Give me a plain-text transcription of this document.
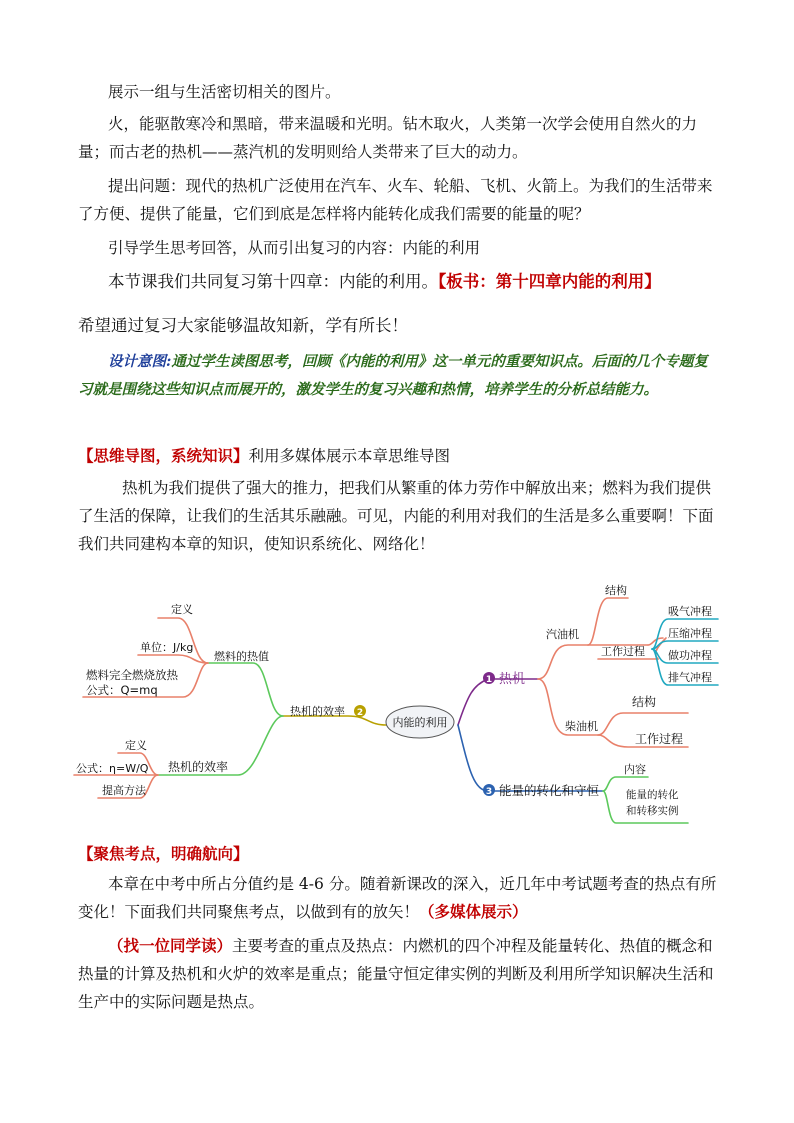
展示一组与生活密切相关的图片。

火，能驱散寒冷和黑暗，带来温暖和光明。钻木取火，人类第一次学会使用自然火的力量；而古老的热机——蒸汽机的发明则给人类带来了巨大的动力。

提出问题：现代的热机广泛使用在汽车、火车、轮船、飞机、火箭上。为我们的生活带来了方便、提供了能量，它们到底是怎样将内能转化成我们需要的能量的呢？

引导学生思考回答，从而引出复习的内容：内能的利用

本节课我们共同复习第十四章：内能的利用。【板书：第十四章内能的利用】

希望通过复习大家能够温故知新，学有所长！

设计意图:通过学生读图思考，回顾《内能的利用》这一单元的重要知识点。后面的几个专题复习就是围绕这些知识点而展开的，激发学生的复习兴趣和热情，培养学生的分析总结能力。

【思维导图，系统知识】利用多媒体展示本章思维导图

热机为我们提供了强大的推力，把我们从繁重的体力劳作中解放出来；燃料为我们提供了生活的保障，让我们的生活其乐融融。可见，内能的利用对我们的生活是多么重要啊！下面我们共同建构本章的知识，使知识系统化、网络化！

内能的利用
1 热机
汽油机
结构
工作过程
吸气冲程
压缩冲程
做功冲程
排气冲程
柴油机
结构
工作过程
3 能量的转化和守恒
内容
能量的转化
和转移实例
热机的效率 2
燃料的热值
定义
单位：J/kg
燃料完全燃烧放热
公式：Q=mq
热机的效率
定义
公式：η=W/Q
提高方法

【聚焦考点，明确航向】

本章在中考中所占分值约是 4-6 分。随着新课改的深入，近几年中考试题考查的热点有所变化！下面我们共同聚焦考点，以做到有的放矢！（多媒体展示）

（找一位同学读）主要考查的重点及热点：内燃机的四个冲程及能量转化、热值的概念和热量的计算及热机和火炉的效率是重点；能量守恒定律实例的判断及利用所学知识解决生活和生产中的实际问题是热点。
